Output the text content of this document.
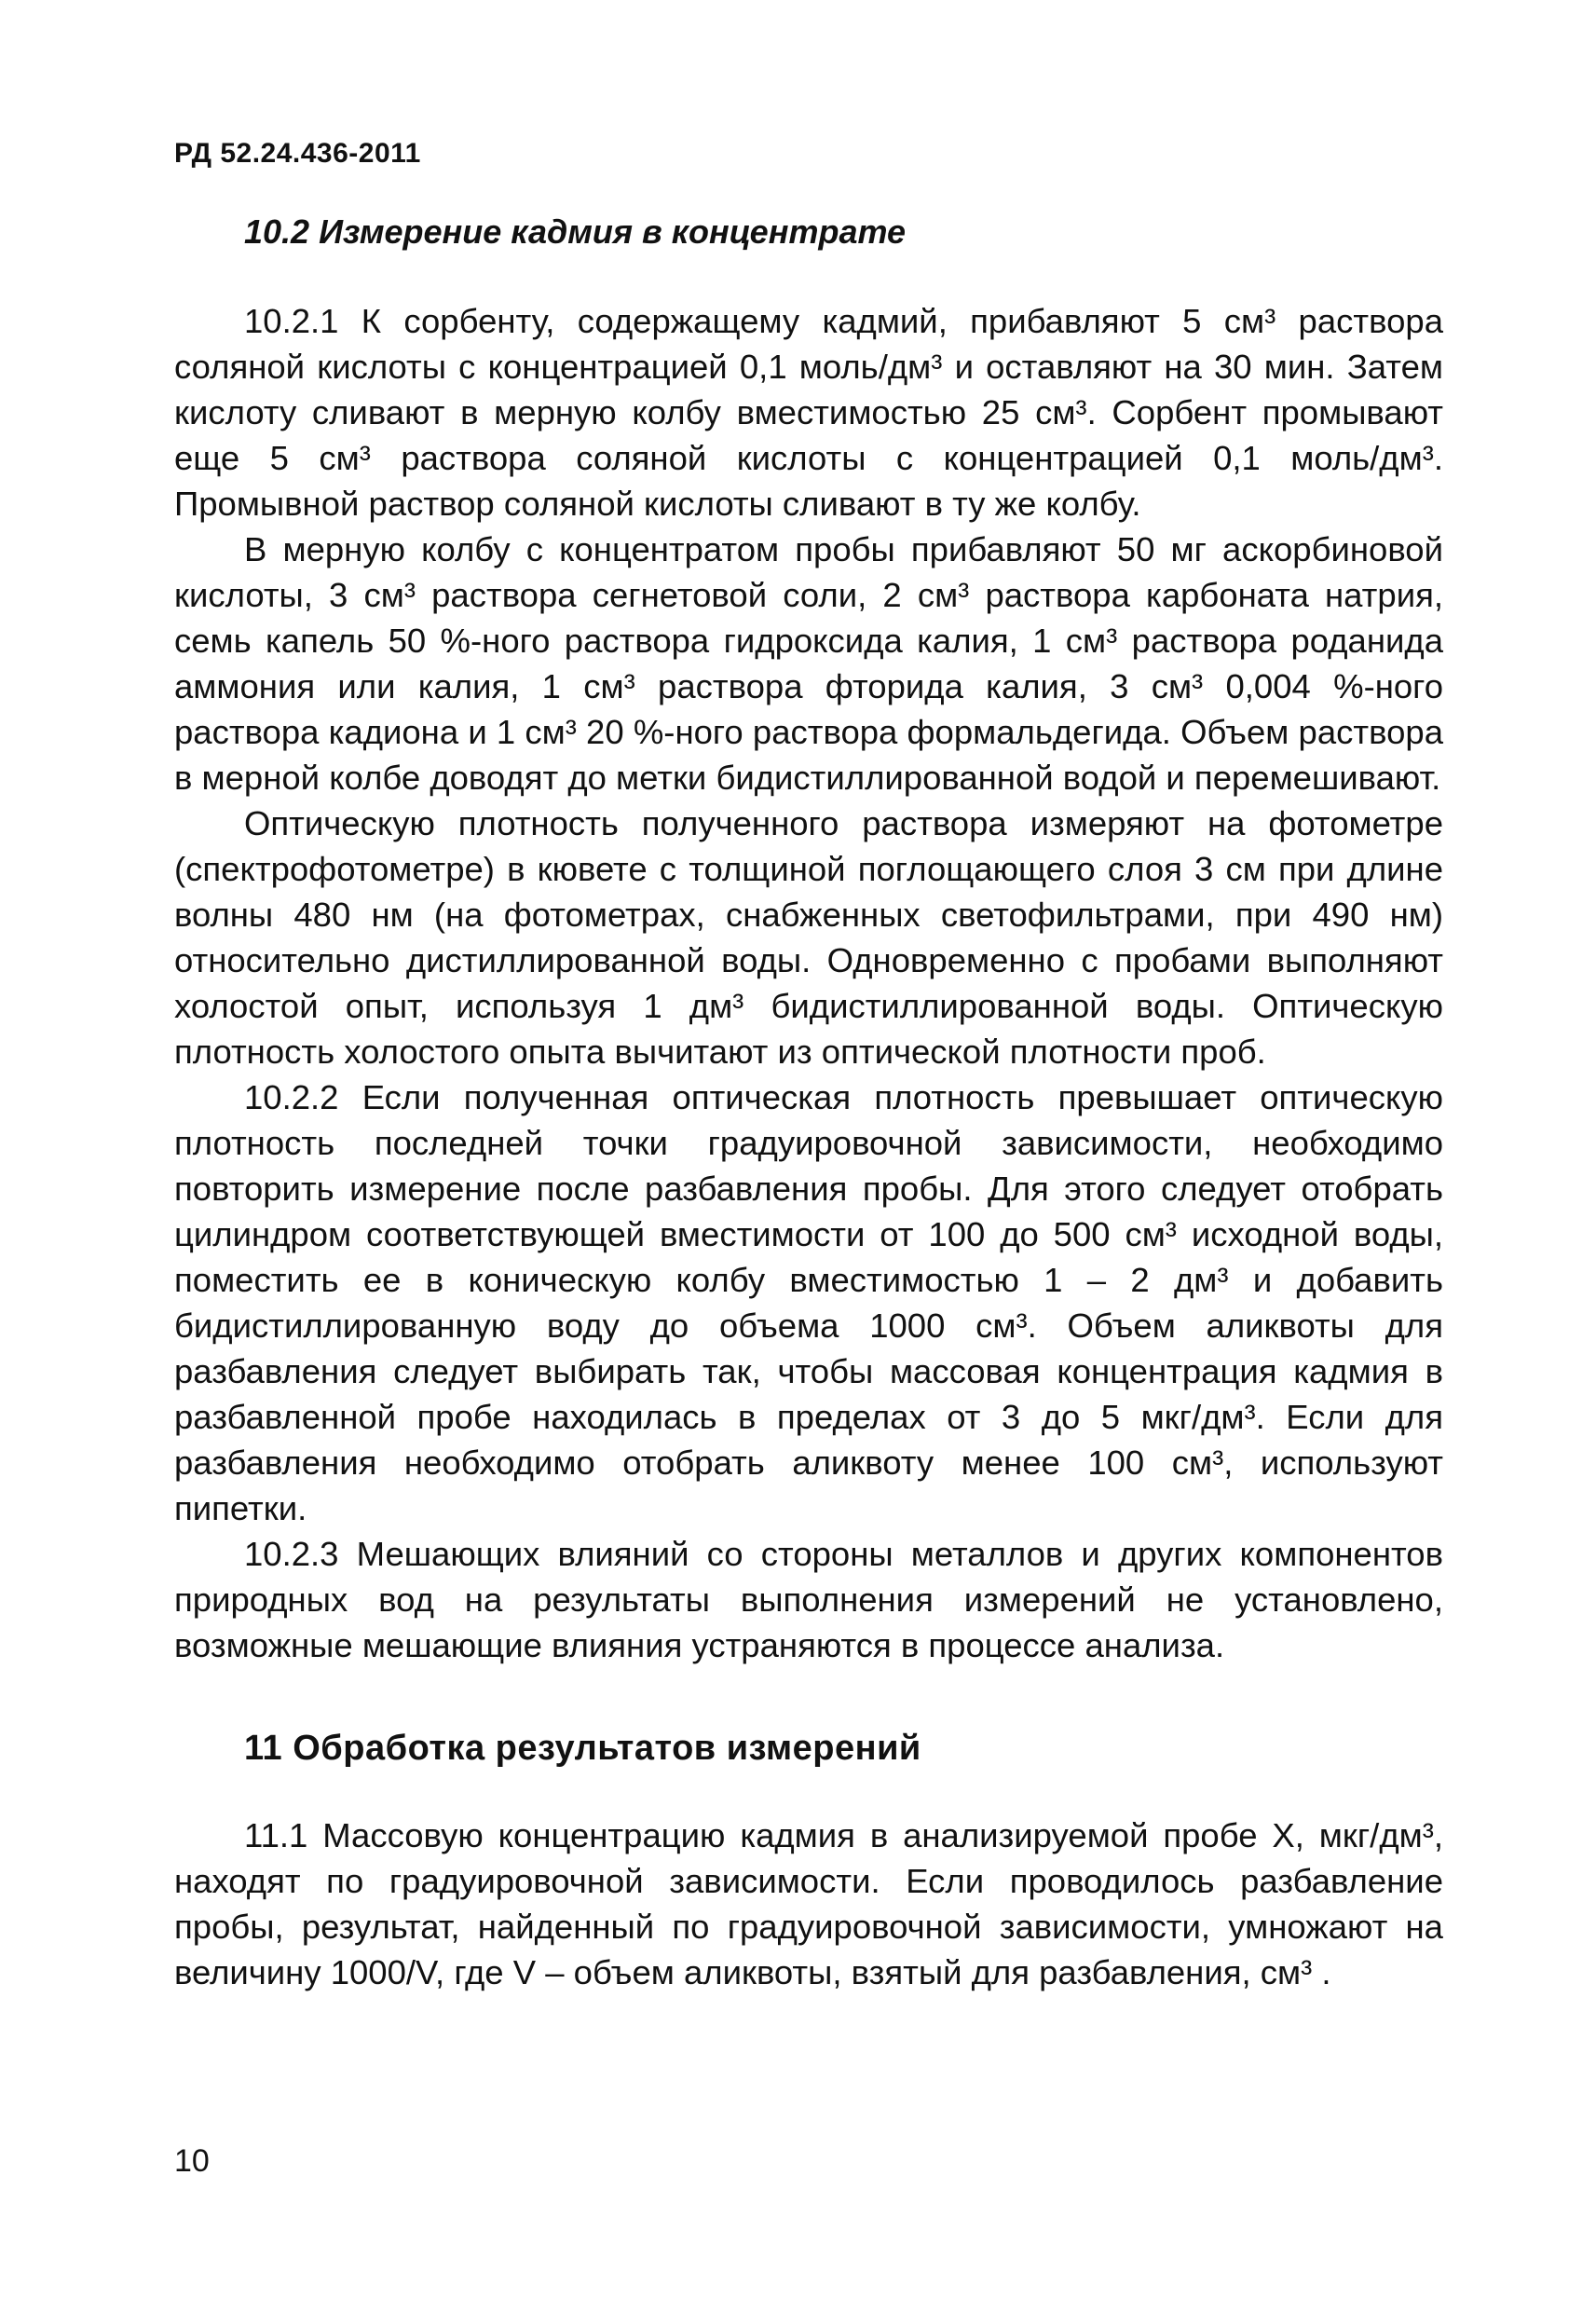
РД 52.24.436-2011
10.2 Измерение кадмия в концентрате

10.2.1 К сорбенту, содержащему кадмий, прибавляют 5 см³ раствора соляной кислоты с концентрацией 0,1 моль/дм³ и оставляют на 30 мин. Затем кислоту сливают в мерную колбу вместимостью 25 см³. Сорбент промывают еще 5 см³ раствора соляной кислоты с концентрацией 0,1 моль/дм³. Промывной раствор соляной кислоты сливают в ту же колбу.

В мерную колбу с концентратом пробы прибавляют 50 мг аскорбиновой кислоты, 3 см³ раствора сегнетовой соли, 2 см³ раствора карбоната натрия, семь капель 50 %-ного раствора гидроксида калия, 1 см³ раствора роданида аммония или калия, 1 см³ раствора фторида калия, 3 см³ 0,004 %-ного раствора кадиона и 1 см³ 20 %-ного раствора формальдегида. Объем раствора в мерной колбе доводят до метки бидистиллированной водой и перемешивают.

Оптическую плотность полученного раствора измеряют на фотометре (спектрофотометре) в кювете с толщиной поглощающего слоя 3 см при длине волны 480 нм (на фотометрах, снабженных светофильтрами, при 490 нм) относительно дистиллированной воды. Одновременно с пробами выполняют холостой опыт, используя 1 дм³ бидистиллированной воды. Оптическую плотность холостого опыта вычитают из оптической плотности проб.

10.2.2 Если полученная оптическая плотность превышает оптическую плотность последней точки градуировочной зависимости, необходимо повторить измерение после разбавления пробы. Для этого следует отобрать цилиндром соответствующей вместимости от 100 до 500 см³ исходной воды, поместить ее в коническую колбу вместимостью 1 – 2 дм³ и добавить бидистиллированную воду до объема 1000 см³. Объем аликвоты для разбавления следует выбирать так, чтобы массовая концентрация кадмия в разбавленной пробе находилась в пределах от 3 до 5 мкг/дм³. Если для разбавления необходимо отобрать аликвоту менее 100 см³, используют пипетки.

10.2.3 Мешающих влияний со стороны металлов и других компонентов природных вод на результаты выполнения измерений не установлено, возможные мешающие влияния устраняются в процессе анализа.

11 Обработка результатов измерений

11.1 Массовую концентрацию кадмия в анализируемой пробе X, мкг/дм³, находят по градуировочной зависимости. Если проводилось разбавление пробы, результат, найденный по градуировочной зависимости, умножают на величину 1000/V, где V – объем аликвоты, взятый для разбавления, см³ .

10
